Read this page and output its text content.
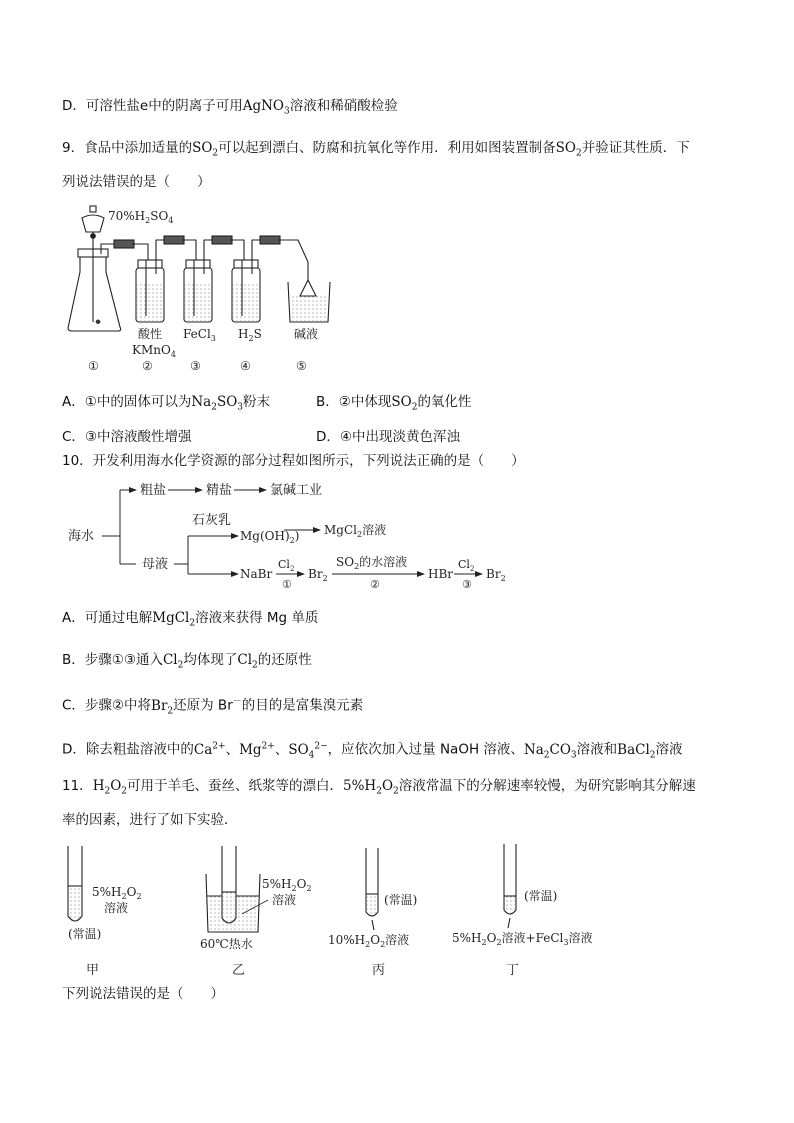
D．可溶性盐e中的阴离子可用AgNO$_3$溶液和稀硝酸检验
9．食品中添加适量的$SO_2$可以起到漂白、防腐和抗氧化等作用．利用如图装置制备$SO_2$并验证其性质．下
列说法错误的是（　　）
$70\%H_2SO_4$
酸性
KMnO$_4$
FeCl$_3$ $H_2S$	碱液
①	②	③	④	⑤
A．①中的固体可以为$Na_2SO_3$粉末	B．②中体现$SO_2$的氧化性
C．③中溶液酸性增强	D．④中出现淡黄色浑浊
10．开发利用海水化学资源的部分过程如图所示，下列说法正确的是（　　）
海水
粗盐	精盐	氯碱工业
母液
石灰乳
$Mg(OH)_2$) MgCl$_2$溶液
NaBr
$Cl_2$
①
$Br_2$
$SO_2$的水溶液
②
HBr
$Cl_2$
③
$Br_2$
A．可通过电解MgCl$_2$溶液来获得 Mg 单质
B．步骤①③通入$Cl_2$均体现了$Cl_2$的还原性
C．步骤②中将$Br_2$还原为 Br－的目的是富集溴元素
D．除去粗盐溶液中的$Ca^{2+}$、$Mg^{2+}$、$SO_4^{2-}$，应依次加入过量 NaOH 溶液、$Na_2CO_3$溶液和BaCl$_2$溶液
11．$H_2O_2$可用于羊毛、蚕丝、纸浆等的漂白．$5\%H_2O_2$溶液常温下的分解速率较慢，为研究影响其分解速
率的因素，进行了如下实验．
$5\%H_2O_2$
溶液
(常温)
$5\%H_2O_2$
溶液
60℃热水
(常温)
$10\%H_2O_2$溶液
(常温)
$5\%H_2O_2$溶液+FeCl$_3$溶液
甲	乙	丙	丁
下列说法错误的是（　　）
